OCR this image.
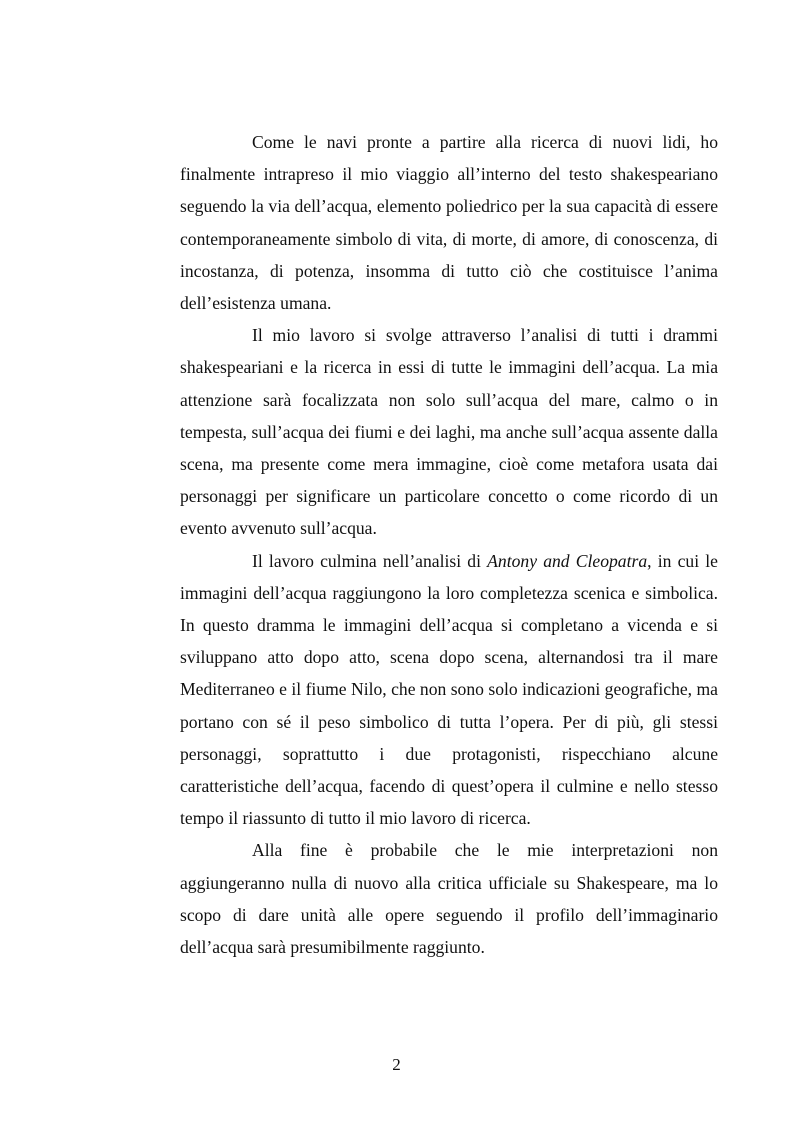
Come le navi pronte a partire alla ricerca di nuovi lidi, ho finalmente intrapreso il mio viaggio all’interno del testo shakespeariano seguendo la via dell’acqua, elemento poliedrico per la sua capacità di essere contemporaneamente simbolo di vita, di morte, di amore, di conoscenza, di incostanza, di potenza, insomma di tutto ciò che costituisce l’anima dell’esistenza umana.

Il mio lavoro si svolge attraverso l’analisi di tutti i drammi shakespeariani e la ricerca in essi di tutte le immagini dell’acqua. La mia attenzione sarà focalizzata non solo sull’acqua del mare, calmo o in tempesta, sull’acqua dei fiumi e dei laghi, ma anche sull’acqua assente dalla scena, ma presente come mera immagine, cioè come metafora usata dai personaggi per significare un particolare concetto o come ricordo di un evento avvenuto sull’acqua.

Il lavoro culmina nell’analisi di Antony and Cleopatra, in cui le immagini dell’acqua raggiungono la loro completezza scenica e simbolica. In questo dramma le immagini dell’acqua si completano a vicenda e si sviluppano atto dopo atto, scena dopo scena, alternandosi tra il mare Mediterraneo e il fiume Nilo, che non sono solo indicazioni geografiche, ma portano con sé il peso simbolico di tutta l’opera. Per di più, gli stessi personaggi, soprattutto i due protagonisti, rispecchiano alcune caratteristiche dell’acqua, facendo di quest’opera il culmine e nello stesso tempo il riassunto di tutto il mio lavoro di ricerca.

Alla fine è probabile che le mie interpretazioni non aggiungeranno nulla di nuovo alla critica ufficiale su Shakespeare, ma lo scopo di dare unità alle opere seguendo il profilo dell’immaginario dell’acqua sarà presumibilmente raggiunto.

2
